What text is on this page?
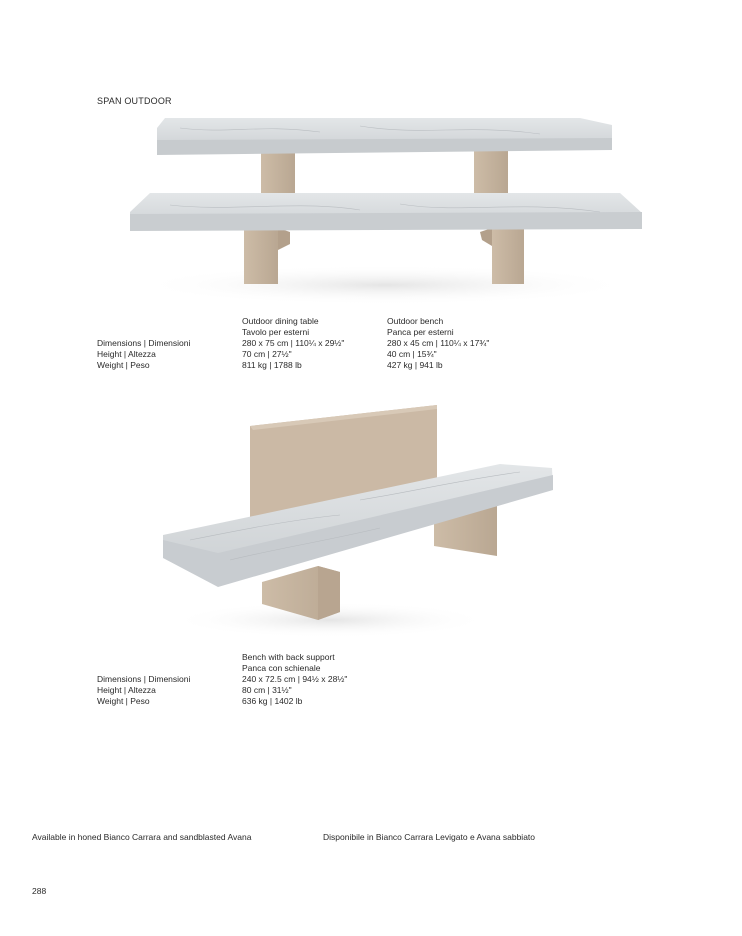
SPAN OUTDOOR
Dimensions | Dimensioni
Height | Altezza
Weight | Peso
Outdoor dining table
Tavolo per esterni
280 x 75 cm | 110¼ x 29½"
70 cm | 27½"
811 kg | 1788 lb
Outdoor bench
Panca per esterni
280 x 45 cm | 110¼ x 17¾"
40 cm | 15¾"
427 kg | 941 lb
Dimensions | Dimensioni
Height | Altezza
Weight | Peso
Bench with back support
Panca con schienale
240 x 72.5 cm | 94½ x 28½"
80 cm | 31½"
636 kg | 1402 lb
Available in honed Bianco Carrara and sandblasted Avana	Disponibile in Bianco Carrara Levigato e Avana sabbiato
288
